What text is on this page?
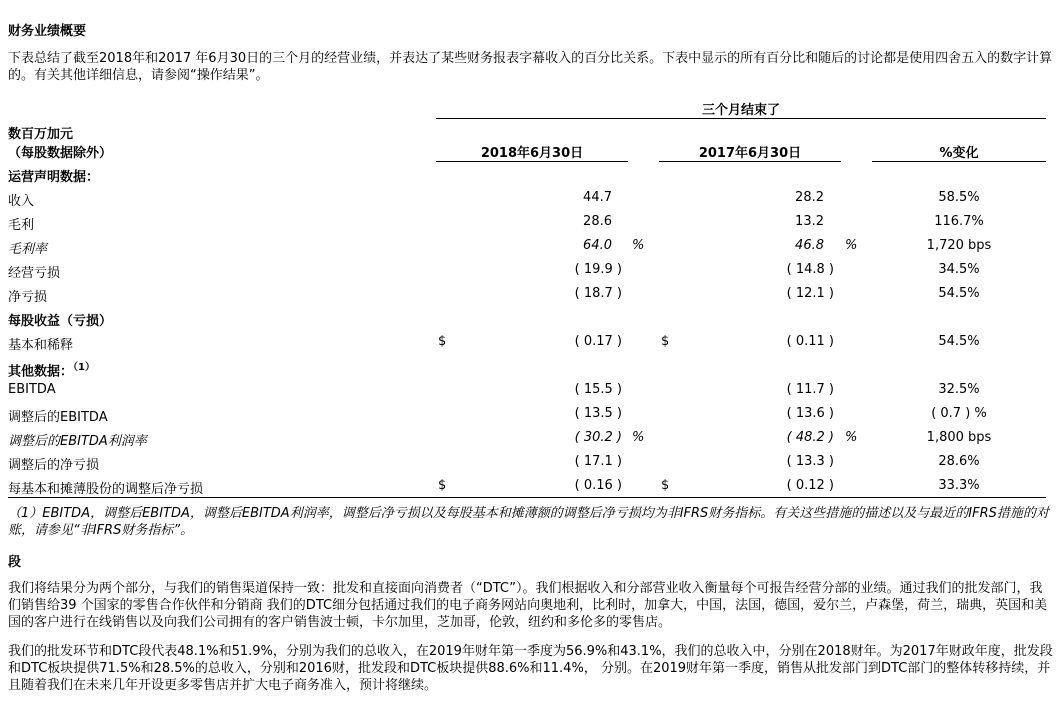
财务业绩概要
下表总结了截至2018年和2017 年6月30日的三个月的经营业绩，并表达了某些财务报表字幕收入的百分比关系。下表中显示的所有百分比和随后的讨论都是使用四舍五入的数字计算的。有关其他详细信息，请参阅“操作结果”。
三个月结束了
数百万加元
（每股数据除外）	2018年6月30日	2017年6月30日	%变化
运营声明数据：
收入	44.7	28.2	58.5%
毛利	28.6	13.2	116.7%
毛利率	64.0 %	46.8 %	1,720 bps
经营亏损	( 19.9 )	( 14.8 )	34.5%
净亏损	( 18.7 )	( 12.1 )	54.5%
每股收益（亏损）
基本和稀释	$	( 0.17 )	$	( 0.11 )	54.5%
其他数据：$^{(1)}$
EBITDA	( 15.5 )	( 11.7 )	32.5%
调整后的EBITDA	( 13.5 )	( 13.6 )	( 0.7 ) %
调整后的EBITDA利润率	( 30.2 ) %	( 48.2 ) %	1,800 bps
调整后的净亏损	( 17.1 )	( 13.3 )	28.6%
每基本和摊薄股份的调整后净亏损	$	( 0.16 )	$	( 0.12 )	33.3%
（1）EBITDA，调整后EBITDA，调整后EBITDA利润率，调整后净亏损以及每股基本和摊薄额的调整后净亏损均为非IFRS财务指标。有关这些措施的描述以及与最近的IFRS措施的对账，请参见“非IFRS财务指标”。
段
我们将结果分为两个部分，与我们的销售渠道保持一致：批发和直接面向消费者（“DTC”）。我们根据收入和分部营业收入衡量每个可报告经营分部的业绩。通过我们的批发部门，我们销售给39 个国家的零售合作伙伴和分销商 我们的DTC细分包括通过我们的电子商务网站向奥地利，比利时，加拿大，中国，法国，德国，爱尔兰，卢森堡，荷兰，瑞典，英国和美国的客户进行在线销售以及向我们公司拥有的客户销售波士顿，卡尔加里，芝加哥，伦敦，纽约和多伦多的零售店。
我们的批发环节和DTC段代表48.1%和51.9%，分别为我们的总收入，在2019年财年第一季度为56.9%和43.1%，我们的总收入中，分别在2018财年。为2017年财政年度，批发段和DTC板块提供71.5%和28.5%的总收入，分别和2016财，批发段和DTC板块提供88.6%和11.4%， 分别。在2019财年第一季度，销售从批发部门到DTC部门的整体转移持续，并且随着我们在未来几年开设更多零售店并扩大电子商务准入，预计将继续。
